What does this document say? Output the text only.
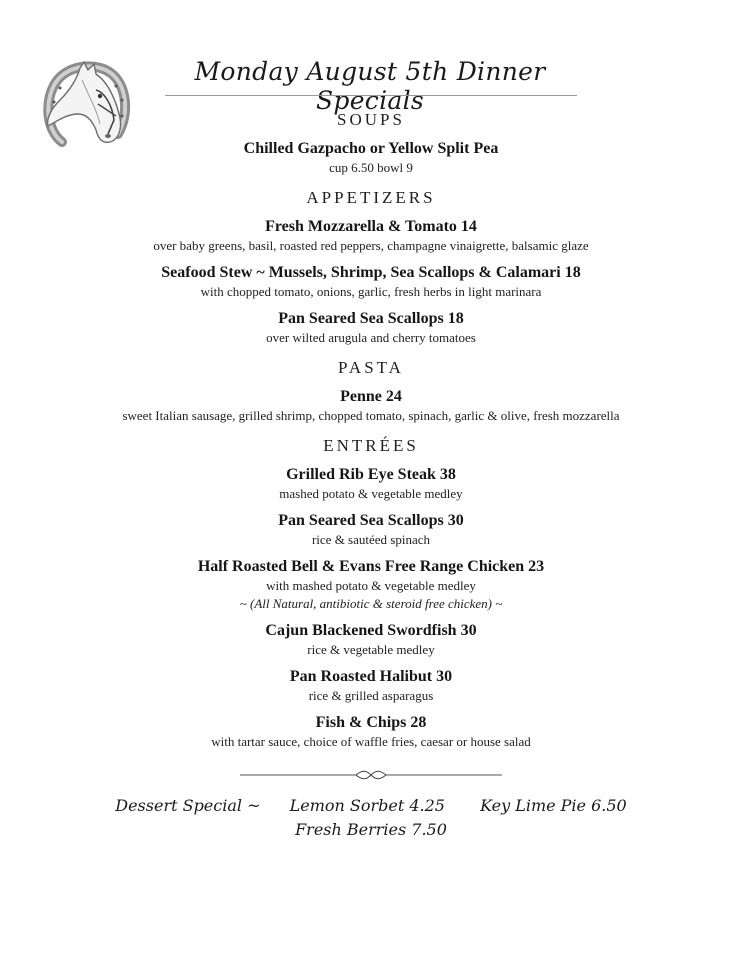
Monday August 5th Dinner Specials
SOUPS
Chilled Gazpacho or Yellow Split Pea
cup 6.50 bowl 9
APPETIZERS
Fresh Mozzarella & Tomato 14
over baby greens, basil, roasted red peppers, champagne vinaigrette, balsamic glaze
Seafood Stew ~ Mussels, Shrimp, Sea Scallops & Calamari 18
with chopped tomato, onions, garlic, fresh herbs in light marinara
Pan Seared Sea Scallops 18
over wilted arugula and cherry tomatoes
PASTA
Penne 24
sweet Italian sausage, grilled shrimp, chopped tomato, spinach, garlic & olive, fresh mozzarella
ENTRÉES
Grilled Rib Eye Steak 38
mashed potato & vegetable medley
Pan Seared Sea Scallops 30
rice & sautéed spinach
Half Roasted Bell & Evans Free Range Chicken 23
with mashed potato & vegetable medley
~ (All Natural, antibiotic & steroid free chicken) ~
Cajun Blackened Swordfish 30
rice & vegetable medley
Pan Roasted Halibut 30
rice & grilled asparagus
Fish & Chips 28
with tartar sauce, choice of waffle fries, caesar or house salad
Dessert Special ~ Lemon Sorbet 4.25 Key Lime Pie 6.50
Fresh Berries 7.50
